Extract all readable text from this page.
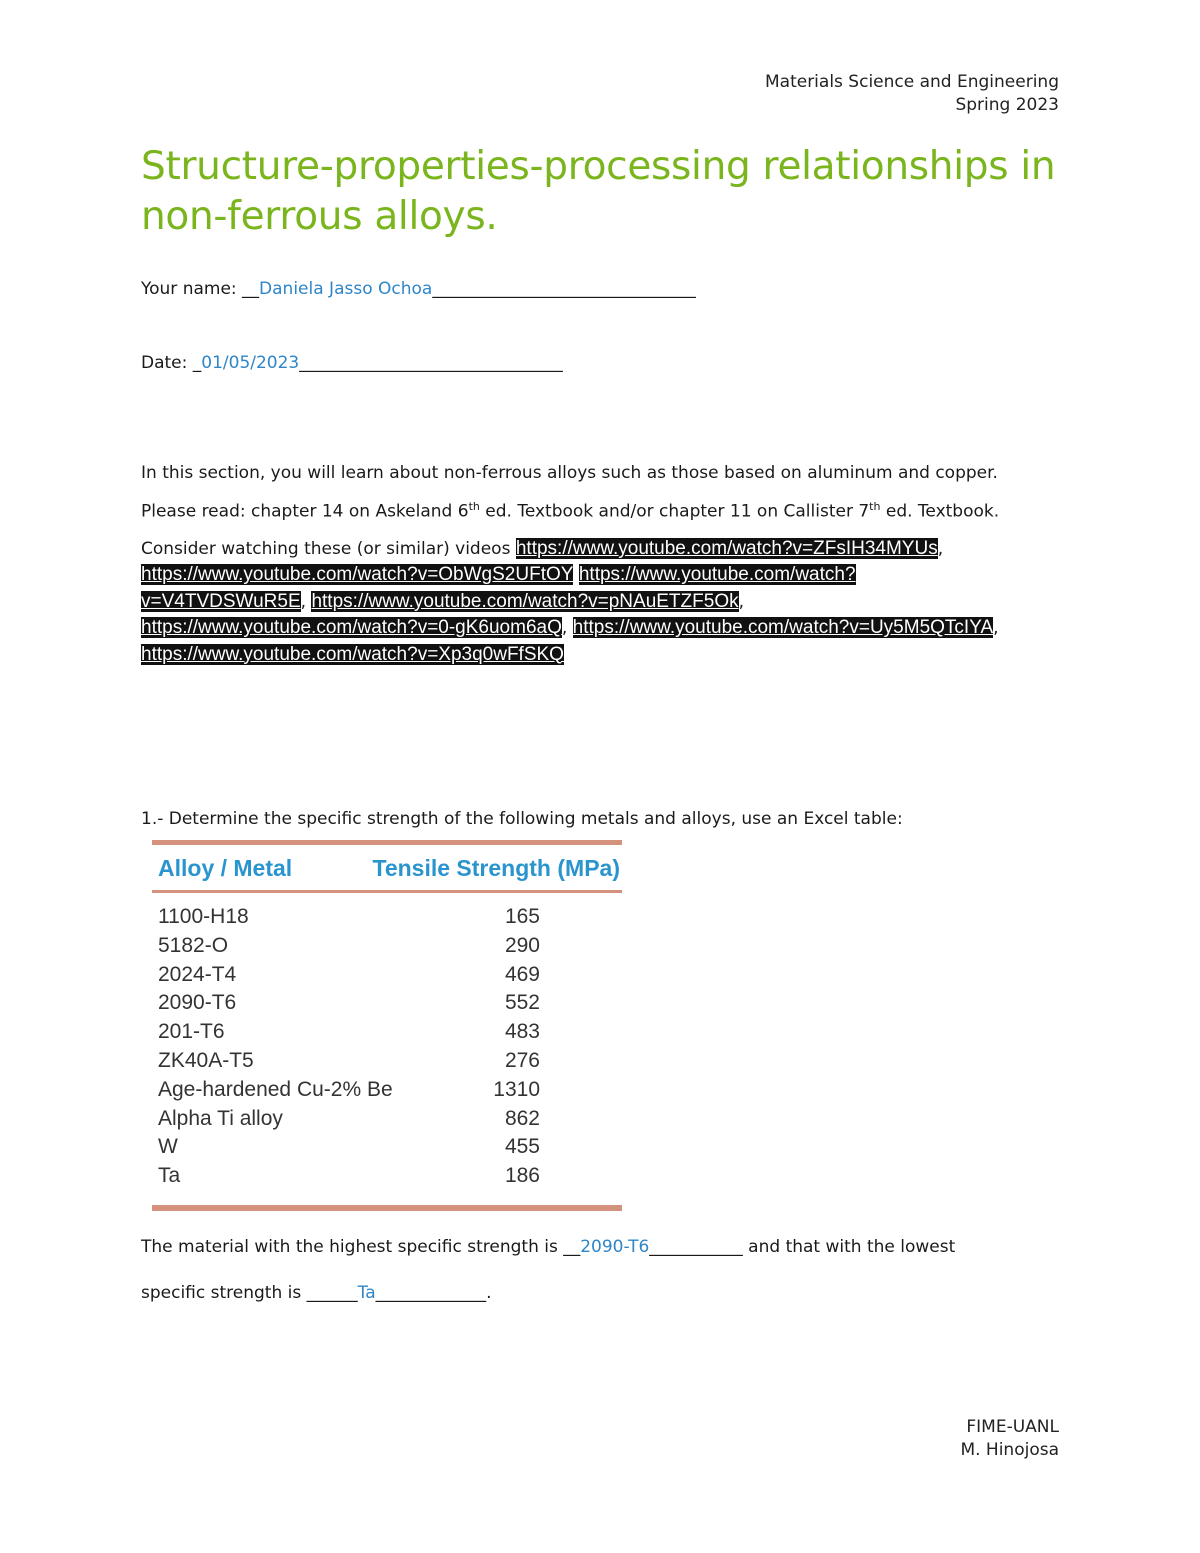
Materials Science and Engineering
Spring 2023
Structure-properties-processing relationships in non-ferrous alloys.
Your name: __Daniela Jasso Ochoa_______________________________
Date: _01/05/2023_______________________________
In this section, you will learn about non-ferrous alloys such as those based on aluminum and copper.
Please read: chapter 14 on Askeland 6th ed. Textbook and/or chapter 11 on Callister 7th ed. Textbook.
Consider watching these (or similar) videos https://www.youtube.com/watch?v=ZFsIH34MYUs, https://www.youtube.com/watch?v=ObWgS2UFtOY https://www.youtube.com/watch?v=V4TVDSWuR5E, https://www.youtube.com/watch?v=pNAuETZF5Ok, https://www.youtube.com/watch?v=0-gK6uom6aQ, https://www.youtube.com/watch?v=Uy5M5QTcIYA, https://www.youtube.com/watch?v=Xp3q0wFfSKQ
1.- Determine the specific strength of the following metals and alloys, use an Excel table:
Alloy / Metal	Tensile Strength (MPa)
1100-H18	165
5182-O	290
2024-T4	469
2090-T6	552
201-T6	483
ZK40A-T5	276
Age-hardened Cu-2% Be	1310
Alpha Ti alloy	862
W	455
Ta	186
The material with the highest specific strength is __2090-T6___________ and that with the lowest
specific strength is ______Ta_____________.
FIME-UANL
M. Hinojosa
